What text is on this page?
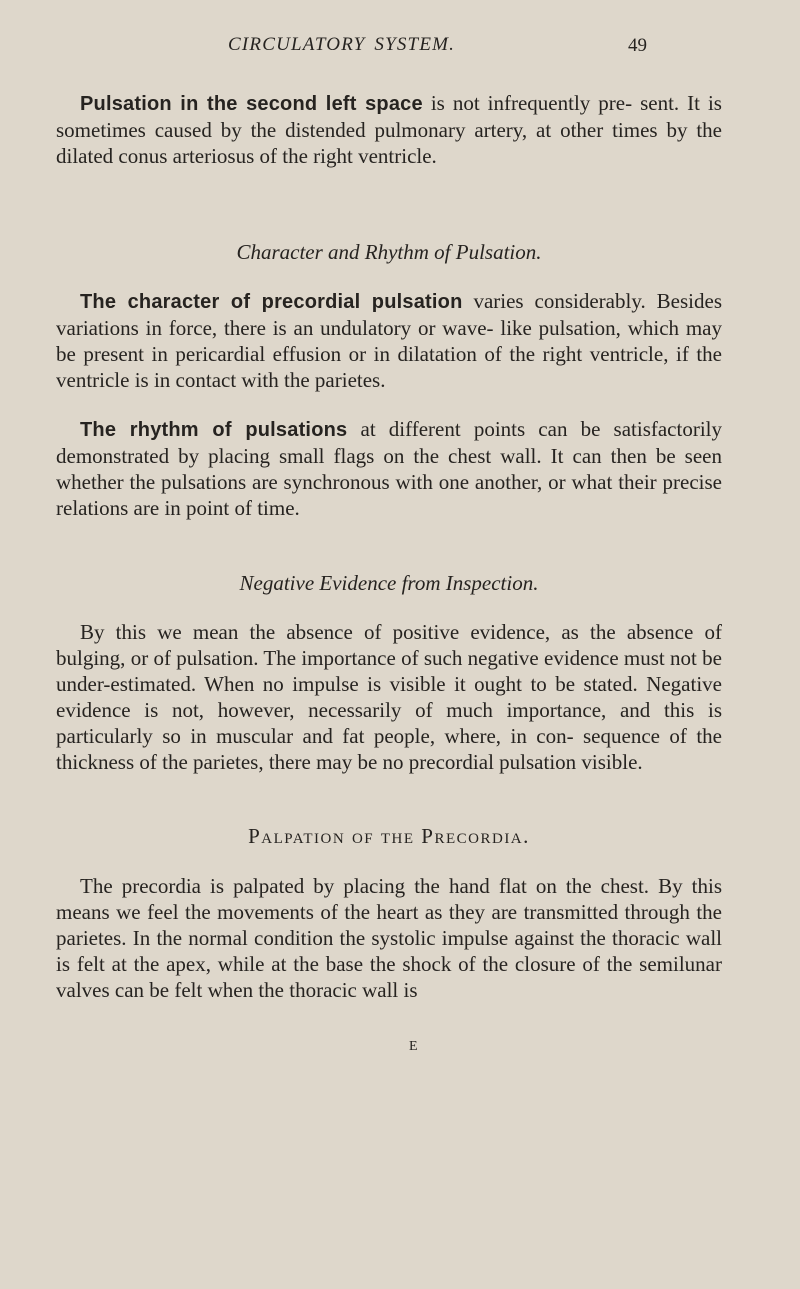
CIRCULATORY SYSTEM.	49

Pulsation in the second left space is not infrequently pre- sent. It is sometimes caused by the distended pulmonary artery, at other times by the dilated conus arteriosus of the right ventricle.

Character and Rhythm of Pulsation.

The character of precordial pulsation varies considerably. Besides variations in force, there is an undulatory or wave- like pulsation, which may be present in pericardial effusion or in dilatation of the right ventricle, if the ventricle is in contact with the parietes.

The rhythm of pulsations at different points can be satisfactorily demonstrated by placing small flags on the chest wall. It can then be seen whether the pulsations are synchronous with one another, or what their precise relations are in point of time.

Negative Evidence from Inspection.

By this we mean the absence of positive evidence, as the absence of bulging, or of pulsation. The importance of such negative evidence must not be under-estimated. When no impulse is visible it ought to be stated. Negative evidence is not, however, necessarily of much importance, and this is particularly so in muscular and fat people, where, in con- sequence of the thickness of the parietes, there may be no precordial pulsation visible.

Palpation of the Precordia.

The precordia is palpated by placing the hand flat on the chest. By this means we feel the movements of the heart as they are transmitted through the parietes. In the normal condition the systolic impulse against the thoracic wall is felt at the apex, while at the base the shock of the closure of the semilunar valves can be felt when the thoracic wall is

E
